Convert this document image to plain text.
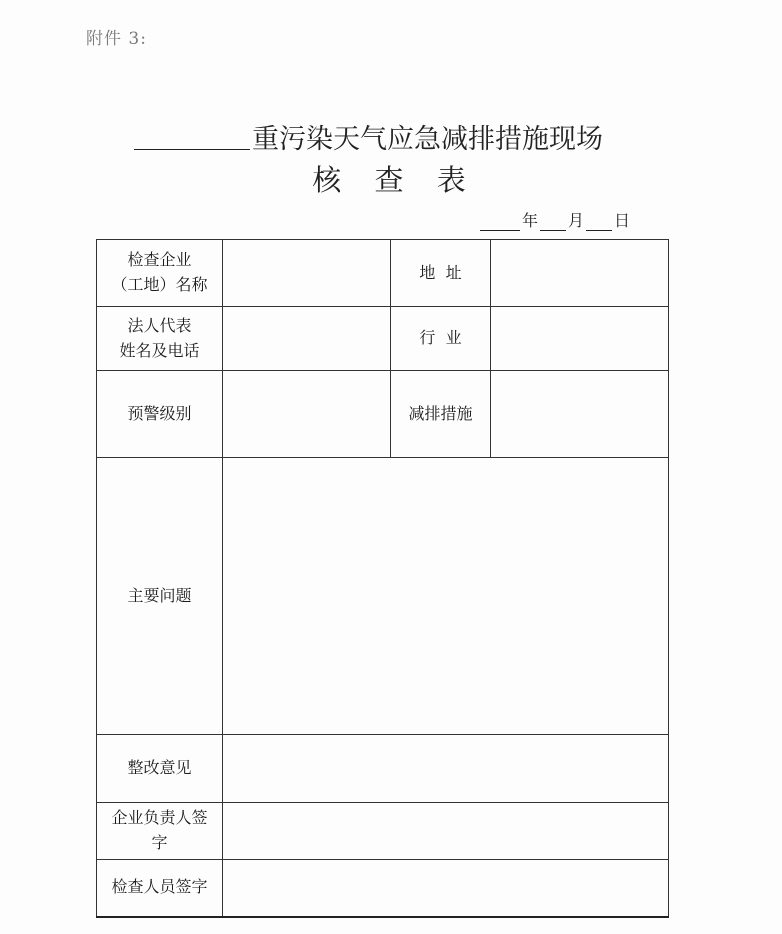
附件 3:
重污染天气应急减排措施现场
核 查 表
年 月 日
检查企业
（工地）名称		地  址	
法人代表
姓名及电话		行  业	
预警级别		减排措施	
主要问题			
整改意见			
企业负责人签
字			
检查人员签字			
